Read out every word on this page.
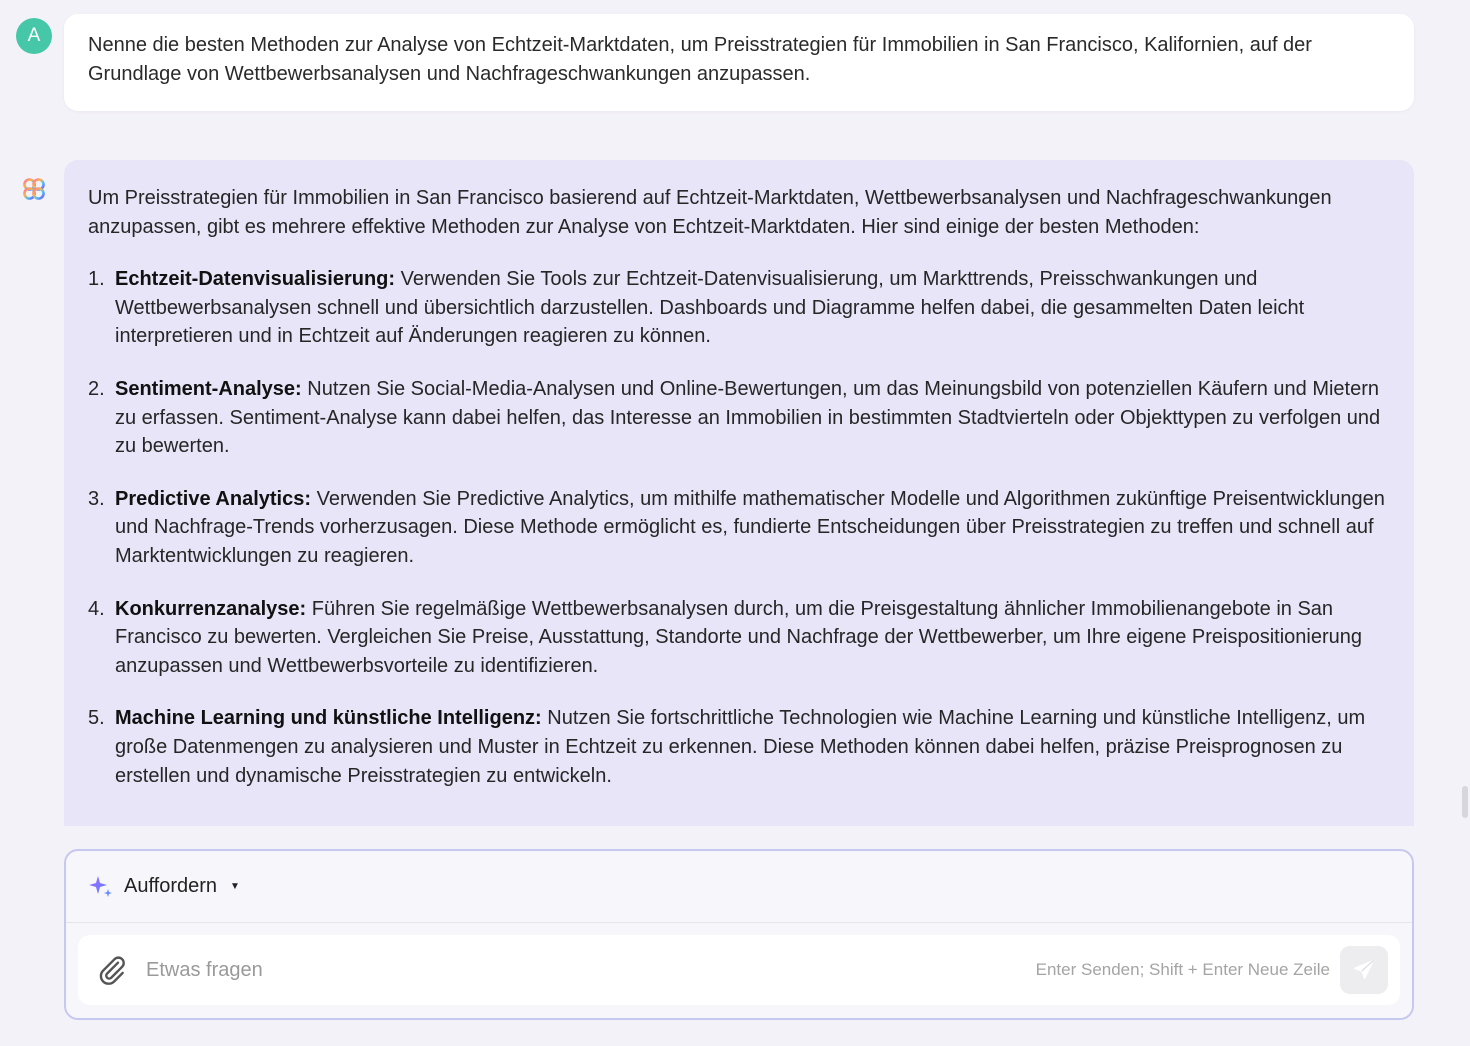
A	Nenne die besten Methoden zur Analyse von Echtzeit-Marktdaten, um Preisstrategien für Immobilien in San Francisco, Kalifornien, auf der Grundlage von Wettbewerbsanalysen und Nachfrageschwankungen anzupassen.

Um Preisstrategien für Immobilien in San Francisco basierend auf Echtzeit-Marktdaten, Wettbewerbsanalysen und Nachfrageschwankungen anzupassen, gibt es mehrere effektive Methoden zur Analyse von Echtzeit-Marktdaten. Hier sind einige der besten Methoden:

1. Echtzeit-Datenvisualisierung: Verwenden Sie Tools zur Echtzeit-Datenvisualisierung, um Markttrends, Preisschwankungen und Wettbewerbsanalysen schnell und übersichtlich darzustellen. Dashboards und Diagramme helfen dabei, die gesammelten Daten leicht interpretieren und in Echtzeit auf Änderungen reagieren zu können.
2. Sentiment-Analyse: Nutzen Sie Social-Media-Analysen und Online-Bewertungen, um das Meinungsbild von potenziellen Käufern und Mietern zu erfassen. Sentiment-Analyse kann dabei helfen, das Interesse an Immobilien in bestimmten Stadtvierteln oder Objekttypen zu verfolgen und zu bewerten.
3. Predictive Analytics: Verwenden Sie Predictive Analytics, um mithilfe mathematischer Modelle und Algorithmen zukünftige Preisentwicklungen und Nachfrage-Trends vorherzusagen. Diese Methode ermöglicht es, fundierte Entscheidungen über Preisstrategien zu treffen und schnell auf Marktentwicklungen zu reagieren.
4. Konkurrenzanalyse: Führen Sie regelmäßige Wettbewerbsanalysen durch, um die Preisgestaltung ähnlicher Immobilienangebote in San Francisco zu bewerten. Vergleichen Sie Preise, Ausstattung, Standorte und Nachfrage der Wettbewerber, um Ihre eigene Preispositionierung anzupassen und Wettbewerbsvorteile zu identifizieren.
5. Machine Learning und künstliche Intelligenz: Nutzen Sie fortschrittliche Technologien wie Machine Learning und künstliche Intelligenz, um große Datenmengen zu analysieren und Muster in Echtzeit zu erkennen. Diese Methoden können dabei helfen, präzise Preisprognosen zu erstellen und dynamische Preisstrategien zu entwickeln.
Auffordern ▼
Etwas fragen
Enter Senden; Shift + Enter Neue Zeile
